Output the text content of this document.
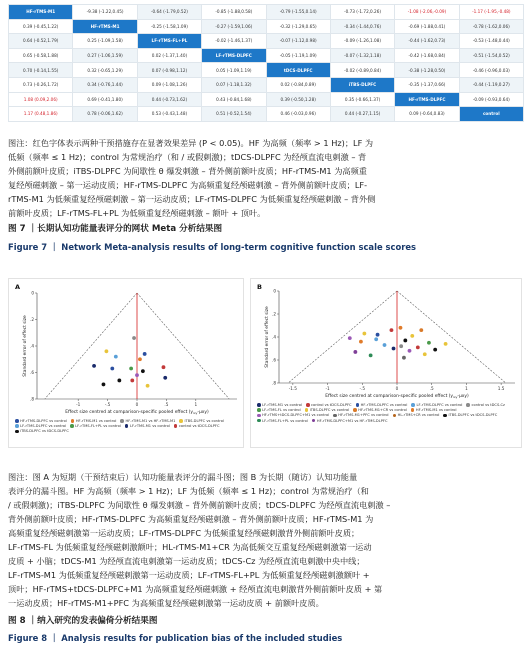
HF-rTMS-M1	-9.38 (-1.22,0.45)	-0.64 (-1.79,0.52)	-0.85 (-1.88,0.58)	-0.79 (-1.55,0.14)	-0.73 (-1.72,0.26)	-1.08 (-2.06,-0.09)	-1.17 (-1.95,-0.48)
0.39 (-0.45,1.22)	HF-rTMS-M1	-0.25 (-1.58,1.09)	-0.27 (-1.59,1.06)	-0.32 (-1.29,0.65)	-0.34 (-1.44,0.76)	-0.69 (-1.88,0.41)	-0.78 (-1.62,0.06)
0.64 (-0.52,1.79)	0.25 (-1.09,1.58)	LF-rTMS-FL+PL	-0.02 (-1.46,1.37)	-0.07 (-1.12,0.98)	-0.09 (-1.26,1.08)	-0.44 (-1.62,0.73)	-0.53 (-1.48,0.44)
0.65 (-0.58,1.88)	0.27 (-1.06,1.59)	0.02 (-1.37,1.40)	LF-rTMS-DLPFC	-0.05 (-1.19,1.09)	-0.07 (-1.32,1.18)	-0.42 (-1.68,0.84)	-0.51 (-1.54,0.52)
0.70 (-0.14,1.55)	0.32 (-0.65,1.29)	0.07 (-0.98,1.12)	0.05 (-1.09,1.19)	tDCS-DLPFC	-0.02 (-0.89,0.84)	-0.38 (-1.28,0.50)	-0.46 (-0.96,0.03)
0.73 (-0.26,1.72)	0.34 (-0.76,1.44)	0.09 (-1.08,1.26)	0.07 (-1.18,1.32)	0.02 (-0.84,0.89)	iTBS-DLPFC	-0.35 (-1.37,0.66)	-0.44 (-1.19,0.27)
1.08 (0.09,2.06)	0.69 (-0.41,1.80)	0.44 (-0.73,1.62)	0.43 (-0.84,1.68)	0.39 (-0.50,1.28)	0.35 (-0.66,1.37)	HF-rTMS-DLPFC	-0.09 (-0.93,0.64)
1.17 (0.48,1.86)	0.78 (-0.06,1.62)	0.53 (-0.43,1.48)	0.51 (-0.52,1.54)	0.46 (-0.03,0.96)	0.44 (-0.27,1.15)	0.09 (-0.64,0.83)	control
图注：红色字体表示两种干预措施存在显著效果差异 (P < 0.05)。HF 为高频（频率 > 1 Hz)；LF 为
低频（频率 ≤ 1 Hz)；control 为常规治疗（和 / 或假刺激)；tDCS-DLPFC 为经颅直流电刺激 – 背
外侧前额叶皮质；iTBS-DLPFC 为间歇性 θ 爆发刺激 – 背外侧前额叶皮质；HF-rTMS-M1 为高频重
复经颅磁刺激 – 第一运动皮质；HF-rTMS-DLPFC 为高频重复经颅磁刺激 – 背外侧前额叶皮质；LF-
rTMS-M1 为低频重复经颅磁刺激 – 第一运动皮质；LF-rTMS-DLPFC 为低频重复经颅磁刺激 – 背外侧
前额叶皮质；LF-rTMS-FL+PL 为低频重复经颅磁刺激 – 额叶 + 顶叶。
图 7 ｜长期认知功能量表评分的网状 Meta 分析结果图
Figure 7 ｜ Network Meta-analysis results of long-term cognitive function scale scores
A
0
.2
.4
.6
.8
-1	-.5	0	.5	1
Standard error of effect size
Effect size centred at comparison-specific pooled effect $(y_{ixy}-\mu xy)$
HF-rTMS-DLPFC vs control	HF-rTMS-M1 vs control	HF-rTMS-M1 vs HF-rTMS-M1	iTBS-DLPFC vs controlLF-rTMS-DLPFC vs control	LF-rTMS-FL+PL vs control	LF-rTMS-M1 vs control	control vs tDCS-DLPFCiTBS-DLPFC vs tDCS-DLPFC
B	0
.2
.4
.6
.8
-1.5	-1	-.5	0	.5	1	1.5
Standard error of effect size
Effect size centred at comparison-specific pooled effect $(y_{ixy}-\mu xy)$
LF-rTMS-M1 vs control	control vs tDCS-DLPFC	HF-rTMS-DLPFC vs control	LF-rTMS-DLPFC vs control	control vs tDCS-CzLF-rTMS-FL vs control	iTBS-DLPFC vs control	HF-rTMS-M1+CR vs control	HF-rTMS-M1 vs controlHF-rTMS+tDCS-DLPFC+M1 vs control	HF-rTMS-M1+PFC vs control	HL-rTMS+CR vs control	iTBS-DLPFC vs tDCS-DLPFCLF-rTMS-FL+PL vs control	HF-rTMS-DLPFC+M1 vs HF-rTMS-DLPFC
图注：图 A 为短期（干预结束后）认知功能量表评分的漏斗图；图 B 为长期（随访）认知功能量
表评分的漏斗图。HF 为高频（频率 > 1 Hz)；LF 为低频（频率 ≤ 1 Hz)；control 为常规治疗（和
/ 或假刺激)；iTBS-DLPFC 为间歇性 θ 爆发刺激 – 背外侧前额叶皮质；tDCS-DLPFC 为经颅直流电刺激 –
背外侧前额叶皮质；HF-rTMS-DLPFC 为高频重复经颅磁刺激 – 背外侧前额叶皮质；HF-rTMS-M1 为
高频重复经颅磁刺激第一运动皮质；LF-rTMS-DLPFC 为低频重复经颅磁刺激背外侧前额叶皮质；
LF-rTMS-FL 为低频重复经颅磁刺激额叶；HL-rTMS-M1+CR 为高低频交互重复经颅磁刺激第一运动
皮质 + 小脑；tDCS-M1 为经颅直流电刺激第一运动皮质；tDCS-Cz 为经颅直流电刺激中央中线；
LF-rTMS-M1 为低频重复经颅磁刺激第一运动皮质；LF-rTMS-FL+PL 为低频重复经颅磁刺激额叶 +
顶叶；HF-rTMS+tDCS-DLPFC+M1 为高频重复经颅磁刺激 + 经颅直流电刺激背外侧前额叶皮质 + 第
一运动皮质；HF-rTMS-M1+PFC 为高频重复经颅磁刺激第一运动皮质 + 前额叶皮质。
图 8 ｜纳入研究的发表偏倚分析结果图
Figure 8 ｜ Analysis results for publication bias of the included studies
